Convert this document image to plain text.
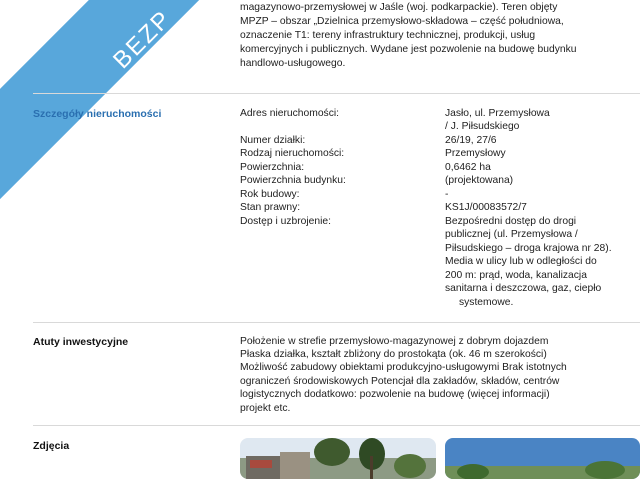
BEZP	magazynowo-przemysłowej w Jaśle (woj. podkarpackie). Teren objęty
MPZP – obszar „Dzielnica przemysłowo-składowa – część południowa,
oznaczenie T1: tereny infrastruktury technicznej, produkcji, usług
komercyjnych i publicznych. Wydane jest pozwolenie na budowę budynku
handlowo-usługowego.
Szczegóły nieruchomości	Adres nieruchomości:	Jasło, ul. Przemysłowa
/ J. Piłsudskiego
Numer działki:	26/19, 27/6
Rodzaj nieruchomości:	Przemysłowy
Powierzchnia:	0,6462 ha
Powierzchnia budynku:	(projektowana)
Rok budowy:	-
Stan prawny:	KS1J/00083572/7
Dostęp i uzbrojenie:	Bezpośredni dostęp do drogi
publicznej (ul. Przemysłowa /
Piłsudskiego – droga krajowa nr 28).
Media w ulicy lub w odległości do
200 m: prąd, woda, kanalizacja
sanitarna i deszczowa, gaz, ciepło
systemowe.
Atuty inwestycyjne	Położenie w strefie przemysłowo-magazynowej z dobrym dojazdem
Płaska działka, kształt zbliżony do prostokąta (ok. 46 m szerokości)
Możliwość zabudowy obiektami produkcyjno-usługowymi Brak istotnych
ograniczeń środowiskowych Potencjał dla zakładów, składów, centrów
logistycznych dodatkowo: pozwolenie na budowę (więcej informacji)
projekt etc.
Zdjęcia
